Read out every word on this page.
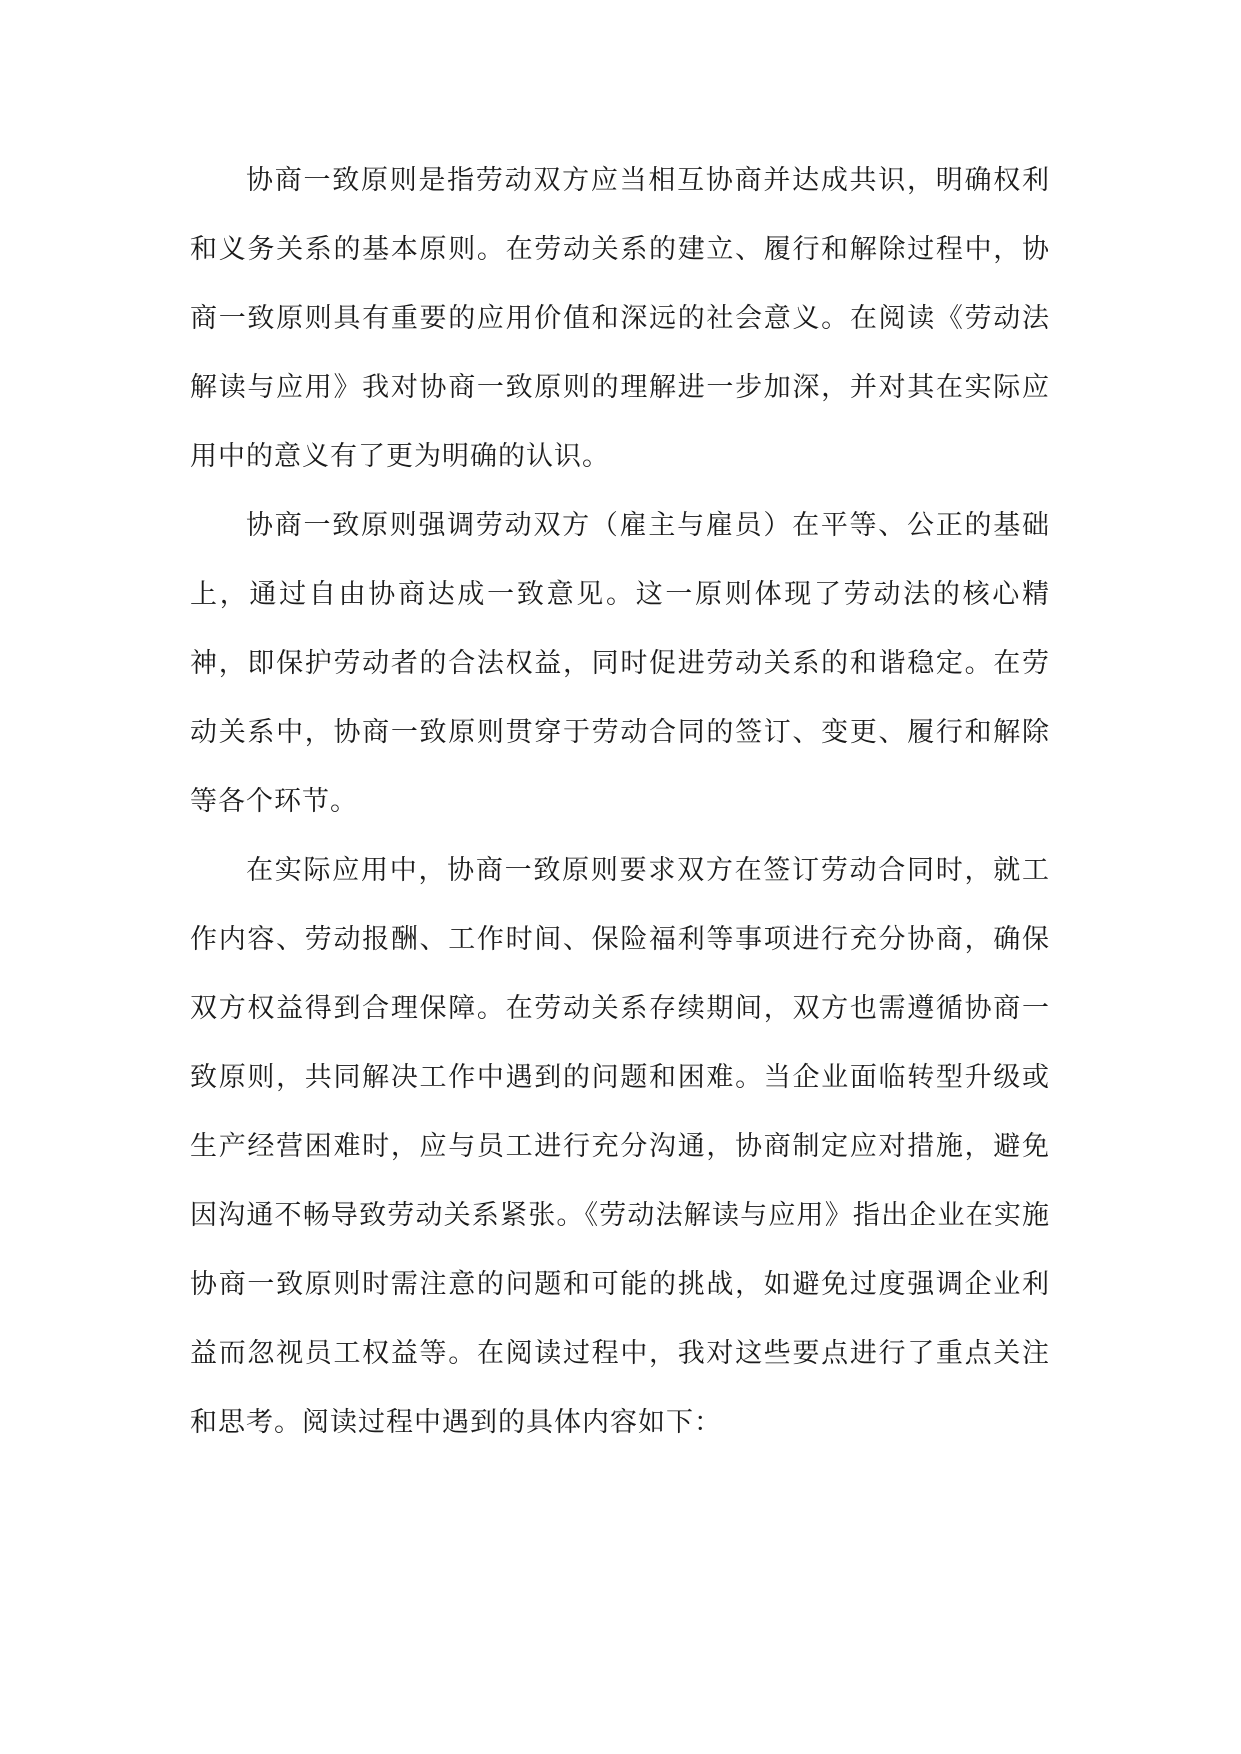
协商一致原则是指劳动双方应当相互协商并达成共识，明确权利和义务关系的基本原则。在劳动关系的建立、履行和解除过程中，协商一致原则具有重要的应用价值和深远的社会意义。在阅读《劳动法解读与应用》我对协商一致原则的理解进一步加深，并对其在实际应用中的意义有了更为明确的认识。

协商一致原则强调劳动双方（雇主与雇员）在平等、公正的基础上，通过自由协商达成一致意见。这一原则体现了劳动法的核心精神，即保护劳动者的合法权益，同时促进劳动关系的和谐稳定。在劳动关系中，协商一致原则贯穿于劳动合同的签订、变更、履行和解除等各个环节。

在实际应用中，协商一致原则要求双方在签订劳动合同时，就工作内容、劳动报酬、工作时间、保险福利等事项进行充分协商，确保双方权益得到合理保障。在劳动关系存续期间，双方也需遵循协商一致原则，共同解决工作中遇到的问题和困难。当企业面临转型升级或生产经营困难时，应与员工进行充分沟通，协商制定应对措施，避免因沟通不畅导致劳动关系紧张。《劳动法解读与应用》指出企业在实施协商一致原则时需注意的问题和可能的挑战，如避免过度强调企业利益而忽视员工权益等。在阅读过程中，我对这些要点进行了重点关注和思考。阅读过程中遇到的具体内容如下：
